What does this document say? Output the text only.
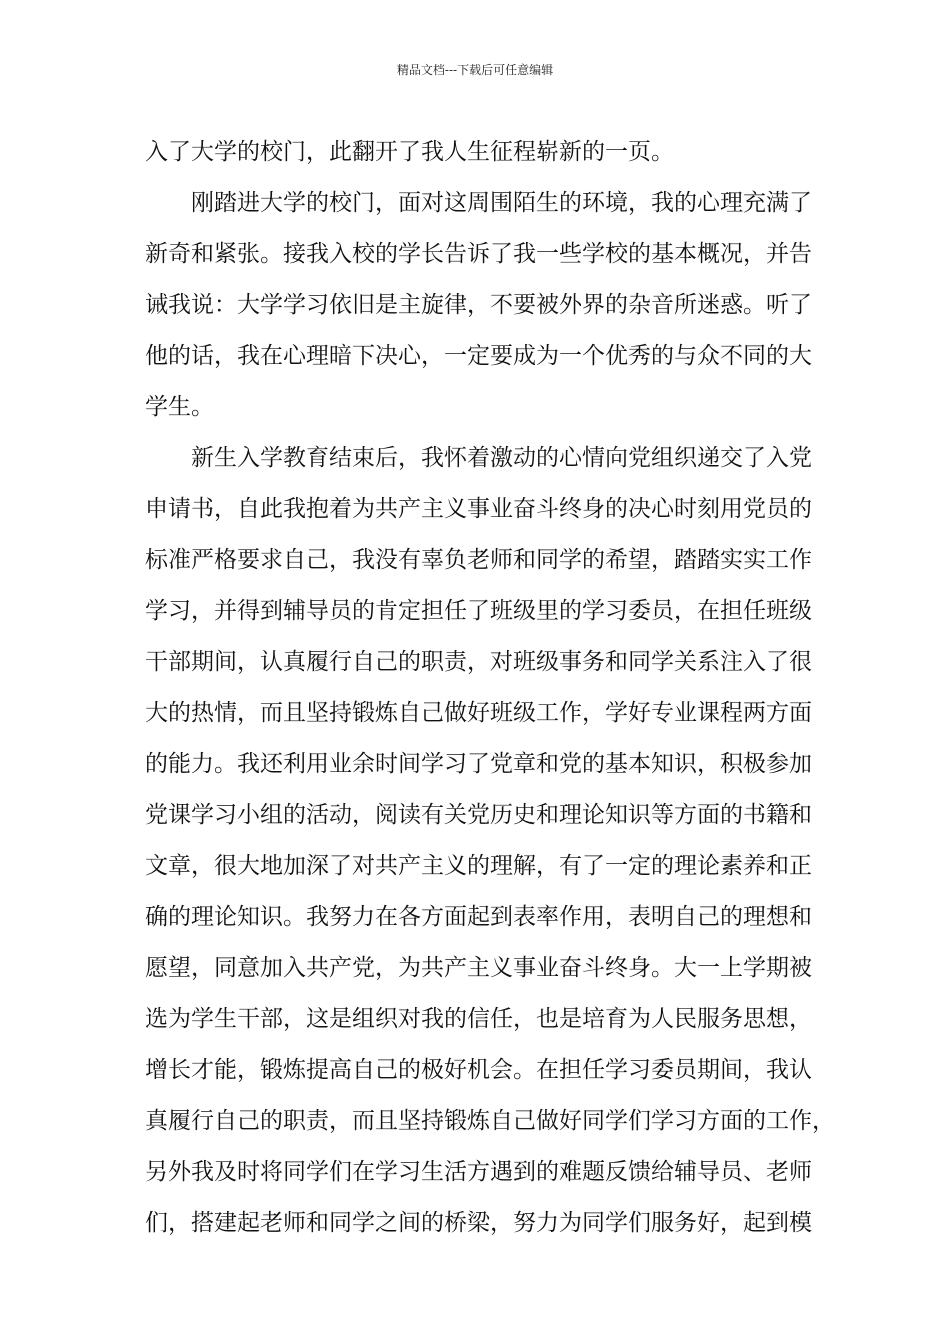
精品文档---下载后可任意编辑
入了大学的校门，此翻开了我人生征程崭新的一页。
刚踏进大学的校门，面对这周围陌生的环境，我的心理充满了
新奇和紧张。接我入校的学长告诉了我一些学校的基本概况，并告
诫我说：大学学习依旧是主旋律，不要被外界的杂音所迷惑。听了
他的话，我在心理暗下决心，一定要成为一个优秀的与众不同的大
学生。
新生入学教育结束后，我怀着激动的心情向党组织递交了入党
申请书，自此我抱着为共产主义事业奋斗终身的决心时刻用党员的
标准严格要求自己，我没有辜负老师和同学的希望，踏踏实实工作
学习，并得到辅导员的肯定担任了班级里的学习委员，在担任班级
干部期间，认真履行自己的职责，对班级事务和同学关系注入了很
大的热情，而且坚持锻炼自己做好班级工作，学好专业课程两方面
的能力。我还利用业余时间学习了党章和党的基本知识，积极参加
党课学习小组的活动，阅读有关党历史和理论知识等方面的书籍和
文章，很大地加深了对共产主义的理解，有了一定的理论素养和正
确的理论知识。我努力在各方面起到表率作用，表明自己的理想和
愿望，同意加入共产党，为共产主义事业奋斗终身。大一上学期被
选为学生干部，这是组织对我的信任，也是培育为人民服务思想，
增长才能，锻炼提高自己的极好机会。在担任学习委员期间，我认
真履行自己的职责，而且坚持锻炼自己做好同学们学习方面的工作，
另外我及时将同学们在学习生活方遇到的难题反馈给辅导员、老师
们，搭建起老师和同学之间的桥梁，努力为同学们服务好，起到模
